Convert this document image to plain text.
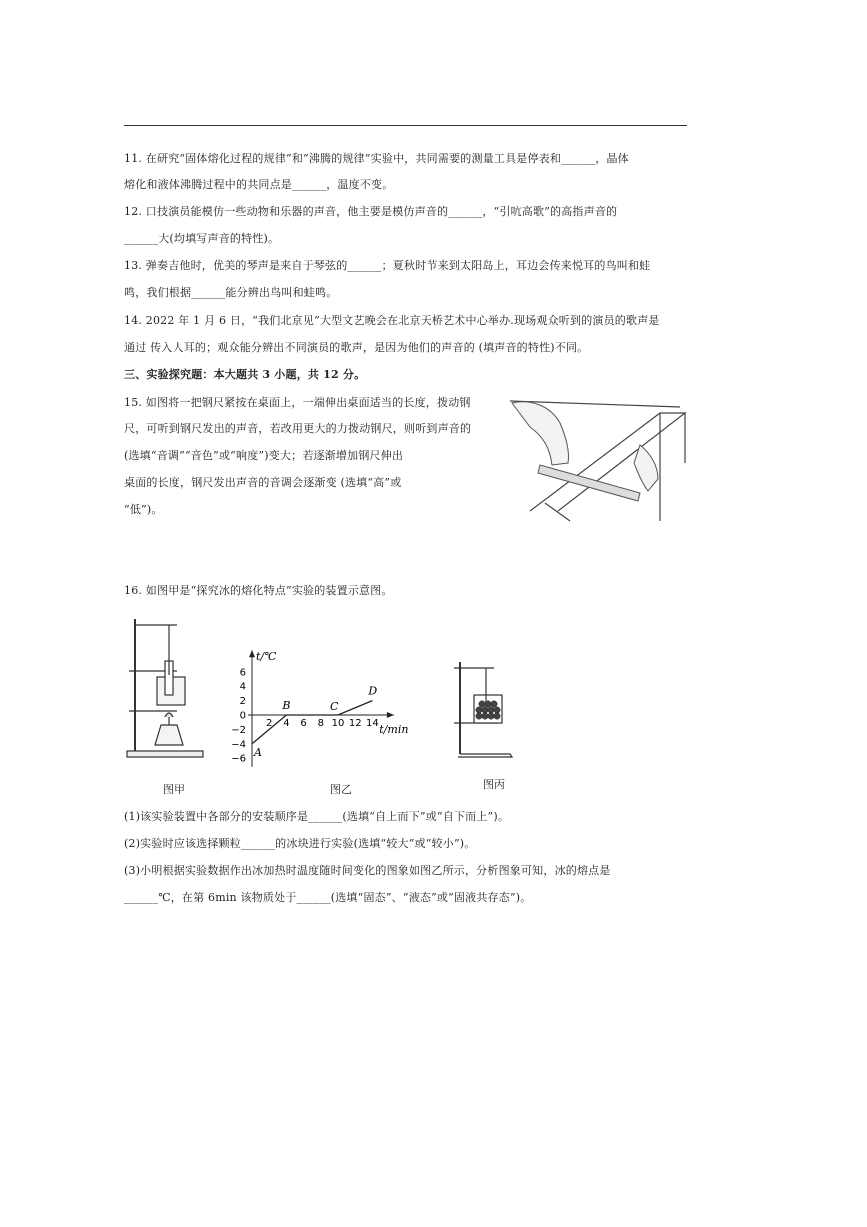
11. 在研究“固体熔化过程的规律”和“沸腾的规律”实验中，共同需要的测量工具是停表和______，晶体
熔化和液体沸腾过程中的共同点是______，温度不变。
12. 口技演员能模仿一些动物和乐器的声音，他主要是模仿声音的______，“引吭高歌”的高指声音的
______大(均填写声音的特性)。
13. 弹奏吉他时，优美的琴声是来自于琴弦的______；夏秋时节来到太阳岛上，耳边会传来悦耳的鸟叫和蛙
鸣，我们根据______能分辨出鸟叫和蛙鸣。
14. 2022 年 1 月 6 日，“我们北京见”大型文艺晚会在北京天桥艺术中心举办.现场观众听到的演员的歌声是
通过 传入人耳的；观众能分辨出不同演员的歌声，是因为他们的声音的 (填声音的特性)不同。
三、实验探究题：本大题共 3 小题，共 12 分。
15. 如图将一把钢尺紧按在桌面上，一端伸出桌面适当的长度，拨动钢
尺，可听到钢尺发出的声音，若改用更大的力拨动钢尺，则听到声音的
(选填“音调”“音色”或“响度”)变大；若逐渐增加钢尺伸出
桌面的长度，钢尺发出声音的音调会逐渐变 (选填“高”或
“低”)。
16. 如图甲是“探究冰的熔化特点”实验的装置示意图。
t/℃
t/min
2 4 6 8 10 12 14
6
4
2
0
−2
−4
−6
A
B	C
D
图甲	图乙	图丙
(1)该实验装置中各部分的安装顺序是______(选填“自上而下”或“自下而上”)。
(2)实验时应该选择颗粒______的冰块进行实验(选填“较大”或“较小”)。
(3)小明根据实验数据作出冰加热时温度随时间变化的图象如图乙所示，分析图象可知，冰的熔点是
______℃，在第 6min 该物质处于______(选填“固态”、“液态”或“固液共存态”)。
